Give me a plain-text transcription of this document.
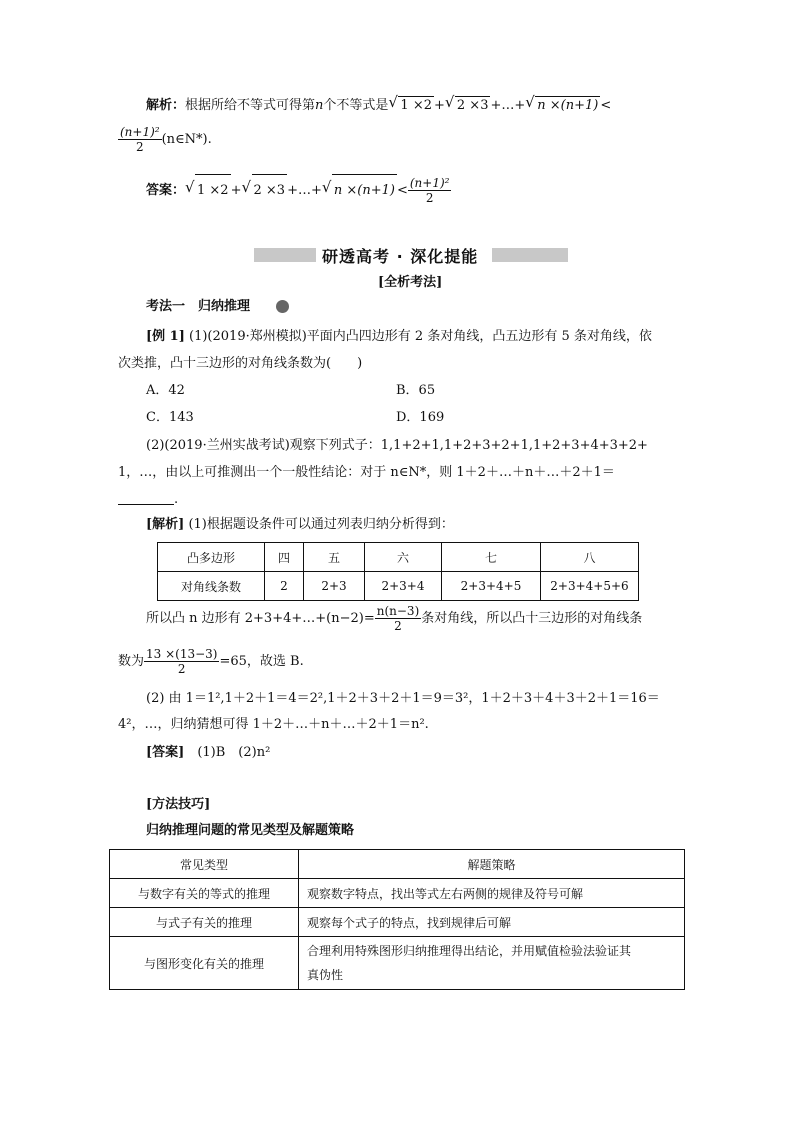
解析：根据所给不等式可得第n个不等式是 √ 1 ×2 + √ 2 ×3 +…+ √ n ×(n+1) <
$\frac{\text{(n+1)²}}{2}$ (n∈N*).
答案： √ 1 ×2 + √ 2 ×3 +…+ √ $n \times(n+1) < \frac{\text{(n+1)²}}{2}$
研透高考 · 深化提能
[全析考法]
考法一　归纳推理
[例 1] (1)(2019·郑州模拟)平面内凸四边形有 2 条对角线，凸五边形有 5 条对角线，依
次类推，凸十三边形的对角线条数为(　　)
A．42	B．65
C．143	D．169
(2)(2019·兰州实战考试)观察下列式子：1,1+2+1,1+2+3+2+1,1+2+3+4+3+2+
1，…，由以上可推测出一个一般性结论：对于 n∈N*，则 1＋2＋…＋n＋…＋2＋1＝
.
[解析] (1)根据题设条件可以通过列表归纳分析得到：
凸多边形	四	五	六	七	八
对角线条数	2	2+3	2+3+4	2+3+4+5	2+3+4+5+6
所以凸 n 边形有 2+3+4+…+(n−2)= $\frac{n(n-3)}{2}$ 条对角线，所以凸十三边形的对角线条
数为 $\frac{13 \times(13-3)}{2} =65$，故选 B.
(2) 由 1＝1²,1＋2＋1＝4＝2²,1＋2＋3＋2＋1＝9＝3²，1＋2＋3＋4＋3＋2＋1＝16＝
4²，…，归纳猜想可得 1＋2＋…＋n＋…＋2＋1＝n².
[答案]　 (1)B　(2)n²
[方法技巧]
归纳推理问题的常见类型及解题策略
常见类型	解题策略
与数字有关的等式的推理	观察数字特点，找出等式左右两侧的规律及符号可解
与式子有关的推理	观察每个式子的特点，找到规律后可解
与图形变化有关的推理	合理利用特殊图形归纳推理得出结论，并用赋值检验法验证其
真伪性
